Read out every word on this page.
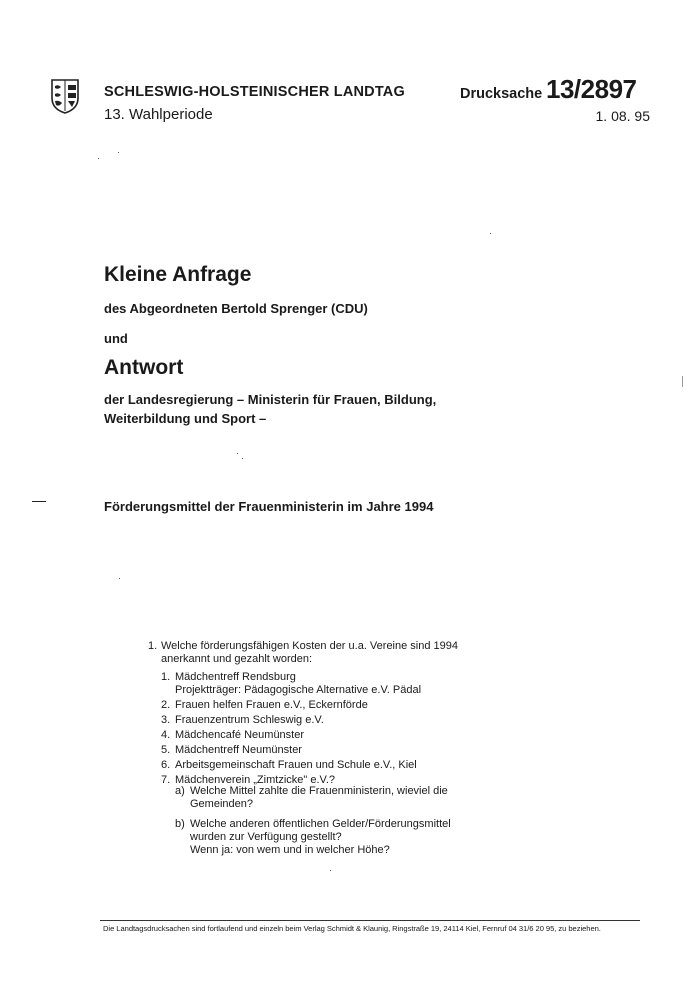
SCHLESWIG-HOLSTEINISCHER LANDTAG
13. Wahlperiode
Drucksache 13/2897
1. 08. 95
Kleine Anfrage
des Abgeordneten Bertold Sprenger (CDU)
und
Antwort
der Landesregierung – Ministerin für Frauen, Bildung, Weiterbildung und Sport –
Förderungsmittel der Frauenministerin im Jahre 1994
1. Welche förderungsfähigen Kosten der u.a. Vereine sind 1994 anerkannt und gezahlt worden:
1. Mädchentreff Rendsburg
Projektträger: Pädagogische Alternative e.V. Pädal
2. Frauen helfen Frauen e.V., Eckernförde
3. Frauenzentrum Schleswig e.V.
4. Mädchencafé Neumünster
5. Mädchentreff Neumünster
6. Arbeitsgemeinschaft Frauen und Schule e.V., Kiel
7. Mädchenverein „Zimtzicke" e.V.?
a) Welche Mittel zahlte die Frauenministerin, wieviel die Gemeinden?
b) Welche anderen öffentlichen Gelder/Förderungsmittel wurden zur Verfügung gestellt?
Wenn ja: von wem und in welcher Höhe?
Die Landtagsdrucksachen sind fortlaufend und einzeln beim Verlag Schmidt & Klaunig, Ringstraße 19, 24114 Kiel, Fernruf 04 31/6 20 95, zu beziehen.
